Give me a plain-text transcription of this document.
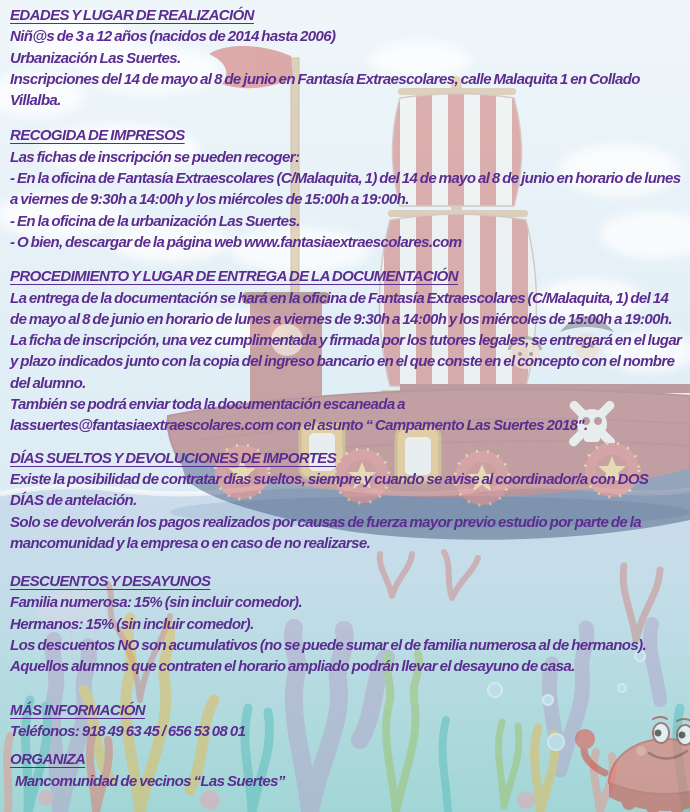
EDADES Y LUGAR DE REALIZACIÓN

Niñ@s de 3 a 12 años (nacidos de 2014 hasta 2006)

Urbanización Las Suertes.

Inscripciones del 14 de mayo al 8 de junio en Fantasía Extraescolares, calle Malaquita 1 en Collado Villalba.

RECOGIDA DE IMPRESOS

Las fichas de inscripción se pueden recoger:

- En la oficina de Fantasía Extraescolares (C/Malaquita, 1) del 14 de mayo al 8 de junio en horario de lunes a viernes de 9:30h a 14:00h y los miércoles de 15:00h a 19:00h.

- En la oficina de la urbanización Las Suertes.

- O bien, descargar de la página web www.fantasiaextraescolares.com

PROCEDIMIENTO Y LUGAR DE ENTREGA DE LA DOCUMENTACIÓN

La entrega de la documentación se hará en la oficina de Fantasía Extraescolares (C/Malaquita, 1) del 14 de mayo al 8 de junio en horario de lunes a viernes de 9:30h a 14:00h y los miércoles de 15:00h a 19:00h.

La ficha de inscripción, una vez cumplimentada y firmada por los tutores legales, se entregará en el lugar y plazo indicados junto con la copia del ingreso bancario en el que conste en el concepto con el nombre del alumno.

También se podrá enviar toda la documentación escaneada a

lassuertes@fantasiaextraescolares.com con el asunto “ Campamento Las Suertes 2018".

DÍAS SUELTOS Y DEVOLUCIONES DE IMPORTES

Existe la posibilidad de contratar días sueltos, siempre y cuando se avise al coordinador/a con DOS DÍAS de antelación.

Solo se devolverán los pagos realizados por causas de fuerza mayor previo estudio por parte de la mancomunidad y la empresa o en caso de no realizarse.

DESCUENTOS Y DESAYUNOS

Familia numerosa: 15% (sin incluir comedor).

Hermanos: 15% (sin incluir comedor).

Los descuentos NO son acumulativos (no se puede sumar el de familia numerosa al de hermanos).

Aquellos alumnos que contraten el horario ampliado podrán llevar el desayuno de casa.

MÁS INFORMACIÓN

Teléfonos: 918 49 63 45 / 656 53 08 01

ORGANIZA

Mancomunidad de vecinos “Las Suertes”
